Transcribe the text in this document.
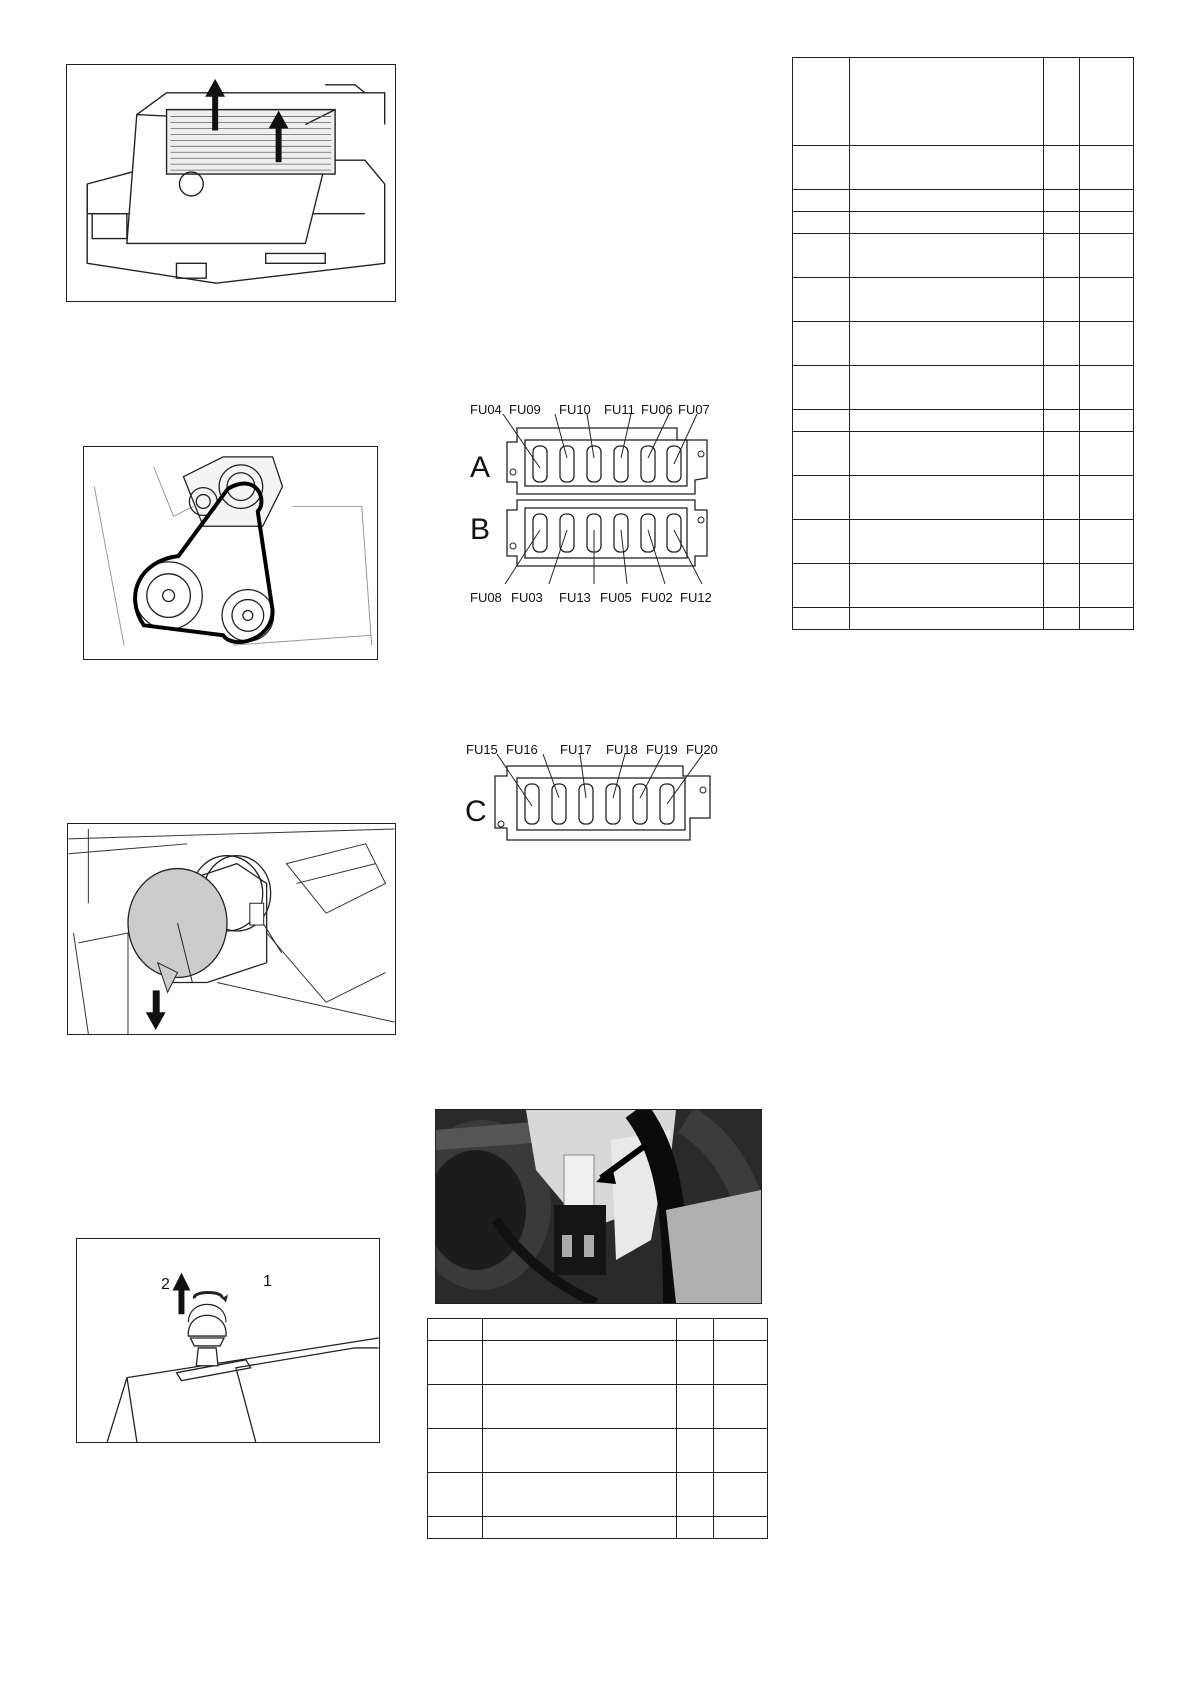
2	1
FU04 FU09 FU10 FU11 FU06 FU07
A
B
FU08 FU03 FU13 FU05 FU02 FU12
FU15 FU16 FU17 FU18 FU19 FU20
C
